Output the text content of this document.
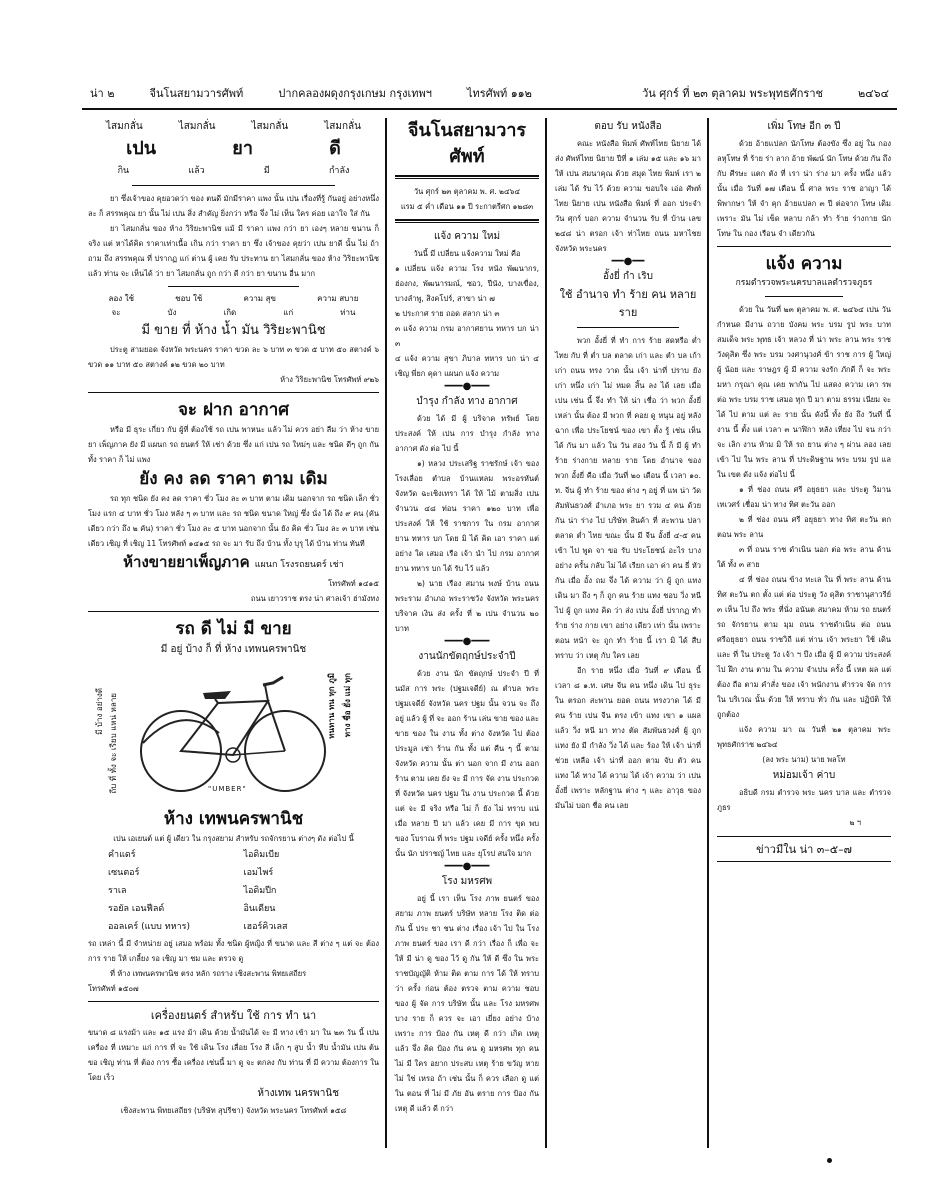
น่า ๒	จีนโนสยามวารศัพท์	ปากคลองผดุงกรุงเกษม กรุงเทพฯ	ไทรศัพท์ ๑๑๒	วัน ศุกร์ ที่ ๒๓ ตุลาคม พระพุทธศักราช	๒๔๖๔
ไสมกลั่น	ไสมกลั่น	ไสมกลั่น	ไสมกลั่น
เปน	ยา	ดี
กิน	แล้ว	มี	กำลัง

ยา ซึ่งเจ้าของ คุยอวดว่า ของ ตนดี มักมีราคา แพง นั้น เปน เรื่องที่รู้ กันอยู่ อย่างหนึ่ง ละ ก็ สรรพคุณ ยา นั้น ไม่ เปน สิ่ง สำคัญ ยิ่งกว่า หรือ จึ่ง ไม่ เห็น ใคร ค่อย เอาใจ ใส่ กัน

ยา ไสมกลั่น ของ ห้าง วิริยะพานิช แม้ มี ราคา แพง กว่า ยา เองๆ หลาย ขนาน ก็ จริง แต่ หาได้คิด ราคาเท่าเนื้อ เกิน กว่า ราคา ยา ซึ่ง เจ้าของ คุยว่า เปน ยาดี นั้น ไม่ ถ้า ถาม ถึง สรรพคุณ ที่ ปรากฏ แก่ ต่าน ผู้ เคย รับ ประทาน ยา ไสมกลั่น ของ ห้าง วิริยะพานิช แล้ว ท่าน จะ เห็นได้ ว่า ยา ไสมกลั่น ถูก กว่า ดี กว่า ยา ขนาน อื่น มาก

ลอง ใช้	ชอบ ใช้	ความ สุข	ความ สบาย
จะ	บัง	เกิด	แก่	ท่าน
มี ขาย ที่ ห้าง น้ำ มัน วิริยะพานิช

ประตู สามยอด จังหวัด พระนคร ราคา ขวด ละ ๖ บาท ๓ ขวด ๕ บาท ๕๐ สตางค์ ๖ ขวด ๑๑ บาท ๕๐ สตางค์ ๑๒ ขวด ๒๐ บาท

ห้าง วิริยะพานิช โทรศัพท์ ๙๒๖
จะ ฝาก อากาศ

หรือ มี ธุระ เกี่ยว กับ ผู้ที่ ต้องใช้ รถ เปน พาหนะ แล้ว ไม่ ควร อย่า ลืม ว่า ห้าง ขาย ยา เพ็ญภาค ยัง มี แผนก รถ ยนตร์ ให้ เช่า ด้วย ซึ่ง แก่ เปน รถ ใหม่ๆ และ ชนิด ดีๆ ถูก กัน ทั้ง ราคา ก็ ไม่ แพง

ยัง คง ลด ราคา ตาม เดิม

รถ ทุก ชนิด ยัง คง ลด ราคา ชั่ว โมง ละ ๓ บาท ตาม เดิม นอกจาก รถ ชนิด เล็ก ชั่ว โมง แรก ๔ บาท ชั่ว โมง หลัง ๆ ๓ บาท และ รถ ชนิด ขนาด ใหญ่ ซึ่ง นั่ง ได้ ถึง ๙ คน (คัน เดียว กว่า ถึง ๒ คัน) ราคา ชั่ว โมง ละ ๕ บาท นอกจาก นั้น ยัง คิด ชั่ว โมง ละ ๓ บาท เช่น เดียว เชิญ ที่ เชิญ 11 โทรศัพท์ ๑๔๑๕ รถ จะ มา รับ ถึง บ้าน ทั้ง บุรุ ได้ บ้าน ท่าน ทันที

ห้างขายยาเพ็ญภาค แผนก โรงรถยนตร์ เช่า
โทรศัพท์ ๑๔๑๕
ถนน เยาวราช ตรง น่า ศาลเจ้า ฮ่ามังทง
รถ ดี ไม่ มี ขาย
มี อยู่ บ้าง ก็ ที่ ห้าง เทพนครพานิช
มี บ้าง อย่างดี ถีบ ที่ ทั้ง จะ เรียบ แหน่ หลาย	"UMBER"
ทนทาน ทน ทุก ภูมิ ทาง ชื่อ ยั่ง แม่ ทุก
ห้าง เทพนครพานิช
เปน เอเยนต์ แต่ ผู้ เดียว ใน กรุงสยาม สำหรับ รถจักรยาน ต่างๆ ดัง ต่อไป นี้
คำแดร์	ไอดิมเบีย
เซนตอร์	เอมไพร์
ราเล	ไอดิมปีก
รอยัล เอนฟีลด์	อินเดียน
ออลเคร์ (แบบ ทหาร)	เฮอร์คิวเลส

รถ เหล่า นี้ มี จำหน่าย อยู่ เสมอ พร้อม ทั้ง ชนิด ผู้หญิง ที่ ขนาด และ สี ต่าง ๆ แต่ จะ ต้อง การ ราย ให้ เกลี้ยง รอ เชิญ มา ชม และ ตรวจ ดู

ที่ ห้าง เทพนครพานิช ตรง หลัก รถราง เชิงสะพาน พิทยเสถียร

โทรศัพท์ ๑๕๐๗

เครื่องยนตร์ สำหรับ ใช้ การ ทำ นา

ขนาด ๘ แรงม้า และ ๑๕ แรง ม้า เดิน ด้วย น้ำมันได้ จะ มี ทาง เข้า มา ใน ๒๓ วัน นี้ เปน เครื่อง ที่ เหมาะ แก่ การ ที่ จะ ใช้ เดิน โรง เลื่อย โรง สี เล็ก ๆ สูบ น้ำ หีบ น้ำมัน เปน ต้น ขอ เชิญ ท่าน ที่ ต้อง การ ซื้อ เครื่อง เช่นนี้ มา ดู จะ ตกลง กับ ท่าน ที่ มี ความ ต้องการ ใน โดย เร็ว

ห้างเทพ นครพานิช
เชิงสะพาน พิทยเสถียร (บริษัท สุปรีชา) จังหวัด พระนคร โทรศัพท์ ๑๕๘
จีนโนสยามวารศัพท์
วัน ศุกร์ ๒๓ ตุลาคม พ. ศ. ๒๔๖๔
แรม ๕ ค่ำ เดือน ๑๑ ปี ระกาตรีศก ๑๒๘๓
แจ้ง ความ ใหม่
วันนี้ มี เปลี่ยน แจ้งความ ใหม่ คือ

๑ เปลี่ยน แจ้ง ความ โรง หนัง พัฒนากร, ฮ่องกง, พัฒนารมณ์, ซอว, ปีนัง, บางเขื่อง, บางลำพู, สิงคโปร์, สาขา น่า ๗

๒ ประกาศ ราย ถอด สลาก น่า ๓

๓ แจ้ง ความ กรม อากาศยาน ทหาร บก น่า ๓

๔ แจ้ง ความ สุขา ภิบาล ทหาร บก น่า ๔ เชิญ พี่ยก คุดา แผนก แจ้ง ความ

━━━●━━━
บำรุง กำลัง ทาง อากาศ

ด้วย ได้ มี ผู้ บริจาค ทรัพย์ โดย ประสงค์ ให้ เปน การ บำรุง กำลัง ทาง อากาศ ดัง ต่อ ไป นี้

๑) หลวง ประเสริฐ ราชรักษ์ เจ้า ของ โรงเลื่อย ตำบล บ้านแหลม พระอรหันต์ จังหวัด ฉะเชิงเทรา ได้ ให้ ไม้ ตามสิ่ง เปน จำนวน ๔๘ ท่อน ราคา ๑๒๐ บาท เพื่อ ประสงค์ ให้ ใช้ ราชการ ใน กรม อากาศ ยาน ทหาร บก โดย มิ ได้ คิด เอา ราคา แต่ อย่าง ใด เสมอ เรือ เจ้า นำ ไป กรม อากาศ ยาน ทหาร บก ได้ รับ ไว้ แล้ว

๒) นาย เรือง สมาน พงษ์ บ้าน ถนน พระราม อำเภอ พระราชวัง จังหวัด พระนคร บริจาค เงิน ส่ง ครั้ง ที่ ๒ เปน จำนวน ๒๐ บาท

━━━●━━━
งานนักขัตฤกษ์ประจำปี

ด้วย งาน นัก ขัตฤกษ์ ประจำ ปี ที่ นมัส การ พระ (ปฐมเจดีย์) ณ ตำบล พระ ปฐมเจดีย์ จังหวัด นคร ปฐม นั้น จวน จะ ถึง อยู่ แล้ว ผู้ ที่ จะ ออก ร้าน เล่น ขาย ของ และ ขาย ของ ใน งาน ทั้ง ต่าง จังหวัด ไป ต้อง ประมูล เช่า ร้าน กัน ทั้ง แต่ คืน ๆ นี้ ตาม จังหวัด ความ นั้น ต่า นอก จาก มี งาน ออก ร้าน ตาม เคย ยัง จะ มี การ จัด งาน ประกวด ที่ จังหวัด นคร ปฐม ใน งาน ประกวด นี้ ด้วย แต่ จะ มี จริง หรือ ไม่ ก็ ยัง ไม่ ทราบ แน่ เมื่อ หลาย ปี มา แล้ว เคย มี การ ขุด พบ ของ โบราณ ที่ พระ ปฐม เจดีย์ ครั้ง หนึ่ง ครั้ง นั้น นัก ปราชญ์ ไทย และ ยุโรป สนใจ มาก

━━━●━━━
โรง มหรศพ

อยู่ นี้ เรา เห็น โรง ภาพ ยนตร์ ของ สยาม ภาพ ยนตร์ บริษัท หลาย โรง ติด ต่อ กัน นี้ ประ ชา ชน ต่าง เรื่อง เจ้า ไป ใน โรง ภาพ ยนตร์ ของ เรา ดี กว่า เรื่อง ก็ เพื่อ จะ ให้ มี น่า ดู ของ ไว้ ดู กัน ให้ ดี ซึ่ง ใน พระราชบัญญัติ ห้าม ติด ตาม การ ได้ ให้ ทราบ ว่า ครั้ง ก่อน ต้อง ตรวจ ตาม ความ ชอบ ของ ผู้ จัด การ บริษัท นั้น และ โรง มหรศพ บาง ราย ก็ ควร จะ เอา เยี่ยง อย่าง บ้าง เพราะ การ ป้อง กัน เหตุ ดี กว่า เกิด เหตุ แล้ว จึ่ง คิด ป้อง กัน คน ดู มหรศพ ทุก คน ไม่ มี ใคร อยาก ประสบ เหตุ ร้าย ขวัญ หาย ไม่ ใช่ เหรอ ถ้า เช่น นั้น ก็ ควร เลือก ดู แต่ ใน ตอน ที่ ไม่ มี ภัย อัน ตราย การ ป้อง กัน เหตุ ดี แล้ว ดี กว่า

ตอบ รับ หนังสือ

คณะ หนังสือ พิมพ์ ศัพท์ไทย นิยาย ได้ ส่ง ศัพท์ไทย นิยาย ปีที่ ๑ เล่ม ๑๕ และ ๑๖ มา ให้ เปน สมนาคุณ ด้วย สมุด ไทย พิมพ์ เรา ๒ เล่ม ได้ รับ ไว้ ด้วย ความ ขอบใจ เอ่อ ศัพท์ไทย นิยาย เปน หนังสือ พิมพ์ ที่ ออก ประจำ วัน ศุกร์ บอก ความ จำนวน รับ ที่ บ้าน เลข ๒๔๘ น่า ตรอก เจ้า ท่าไทย ถนน มหาไชย จังหวัด พระนคร

━━●━━
อั้งยี่ กำ เริบ
ใช้ อำนาจ ทำ ร้าย คน หลาย ราย

พวก อั้งยี่ ที่ ทำ การ ร้าย สดหรือ ต่ำ ไทย กับ ที่ ต่ำ บล ตลาด เก่า และ ตำ บล เก้า เก่า ถนน ทรง วาด นั้น เจ้า น่าที่ ปราบ ยัง เก่า หนึ่ง เก่า ไม่ หมด สิ้น ลง ได้ เลย เมื่อ เปน เช่น นี้ จึ่ง ทำ ให้ น่า เชื่อ ว่า พวก อั้งยี่ เหล่า นั้น ต้อง มี พวก ที่ คอย ดู หนุน อยู่ หลัง ฉาก เพื่อ ประโยชน์ ของ เขา ตั้ง รู้ เช่น เห็น ได้ กัน มา แล้ว ใน วัน สอง วัน นี้ ก็ มี ผู้ ทำ ร้าย ร่างกาย หลาย ราย โดย อำนาจ ของ พวก อั้งยี่ คือ เมื่อ วันที่ ๒๐ เดือน นี้ เวลา ๑๐. ท. จีน ผู้ ทำ ร้าย ของ ต่าง ๆ อยู่ ที่ แพ น่า วัด สัมพันธวงศ์ อำเภอ พระ ยา รวม ๔ คน ด้วย กัน น่า ร่าง ไป บริษัท สินค้า ที่ สะพาน ปลา ตลาด ต่ำ ไทย ขณะ นั้น มี จีน อั้งยี่ ๔-๕ คน เข้า ไป พูด จา ขอ รับ ประโยชน์ อะไร บาง อย่าง ครั้น กลับ ไม่ ได้ เรียก เอา ค่า คน ธี่ หัว กัน เมื่อ อั้ง ถม จึ่ง ได้ ความ ว่า ผู้ ถูก แทง เดิน มา ถึง ๆ ก็ ถูก คน ร้าย แทง ชอบ วิ่ง หนี ไป ผู้ ถูก แทง คิด ว่า ส่ง เปน อั้งยี่ ปรากฏ ทำ ร้าย ร่าง กาย เขา อย่าง เดียว เท่า นั้น เพราะ ตอน หน้า จะ ถูก ทำ ร้าย นี้ เรา มิ ได้ สืบ ทราบ ว่า เหตุ กับ ใคร เลย

อีก ราย หนึ่ง เมื่อ วันที่ ๙ เดือน นี้ เวลา ๘ ๑.ท. เศษ จีน คน หนึ่ง เดิน ไป ธุระ ใน ตรอก สะพาน ยอด ถนน ทรงวาด ได้ มี คน ร้าย เปน จีน ตรง เข้า แทง เขา ๑ แผล แล้ว วิ่ง หนี มา ทาง ตัด สัมพันธวงศ์ ผู้ ถูก แทง ยัง มี กำลัง วิ่ง ได้ และ ร้อง ให้ เจ้า น่าที่ ช่วย เหลือ เจ้า น่าที่ ออก ตาม จับ ตัว คน แทง ได้ ทาง ได้ ความ ได้ เจ้า ความ ว่า เปน อั้งยี่ เพราะ หลักฐาน ต่าง ๆ และ อาวุธ ของ มันไม่ บอก ชื่อ คน เลย

เพิ่ม โทษ อีก ๓ ปี

ด้วย อ้ายแปลก นักโทษ ต้องขัง ซึ่ง อยู่ ใน กอง ลหุโทษ ที่ ร้าย ร่า ลาก อ้าย พัฒน์ นัก โทษ ด้วย กัน ถึง กับ ศีรษะ แตก ตัง ที่ เรา น่า ร่าง มา ครั้ง หนึ่ง แล้ว นั้น เมื่อ วันที่ ๑๗ เดือน นี้ ศาล พระ ราช อาญา ได้ พิพากษา ให้ จำ คุก อ้ายแปลก ๓ ปี ต่อจาก โทษ เดิม เพราะ มัน ไม่ เข็ด หลาบ กล้า ทำ ร้าย ร่างกาย นัก โทษ ใน กอง เรือน จำ เดียวกัน

แจ้ง ความ
กรมตำรวจพระนครบาลแลตำรวจภูธร

ด้วย ใน วันที่ ๒๓ ตุลาคม พ. ศ. ๒๔๖๔ เปน วัน กำหนด มีงาน ถวาย บังคม พระ บรม รูป พระ บาท สมเด็จ พระ พุทธ เจ้า หลวง ที่ น่า พระ ลาน พระ ราช วังดุสิต ซึ่ง พระ บรม วงศานุวงศ์ ข้า ราช การ ผู้ ใหญ่ ผู้ น้อย และ ราษฎร ผู้ มี ความ จงรัก ภักดี ก็ จะ พระ มหา กรุณา คุณ เคย พากัน ไป แสดง ความ เคา รพ ต่อ พระ บรม ราช เสมอ ทุก ปี มา ตาม ธรรม เนียม จะ ได้ ไป ตาม แต่ ละ ราย นั้น ดังนี้ ทั้ง ยัง ถึง วันที่ นี้ งาน นี้ ตั้ง แต่ เวลา ๓ นาฬิกา หลัง เที่ยง ไป จน กว่า จะ เลิก งาน ห้าม มิ ให้ รถ ยาน ต่าง ๆ ผ่าน ลอง เลย เข้า ไป ใน พระ ลาน ที่ ประดิษฐาน พระ บรม รูป แล ใน เขต ดัง แจ้ง ต่อไป นี้

๑ ที่ ช่อง ถนน ศรี อยุธยา และ ประตู วิมาน เทเวศร์ เชื่อม น่า ทาง ทิศ ตะวัน ออก

๒ ที่ ช่อง ถนน ศรี อยุธยา ทาง ทิศ ตะวัน ตก ตอน พระ ลาน

๓ ที่ ถนน ราช ดำเนิน นอก ต่อ พระ ลาน ด้าน ใต้ ทั้ง ๓ สาย

๔ ที่ ช่อง ถนน ข้าง ทะเล ใน ที่ พระ ลาน ด้าน ทิศ ตะวัน ตก ตั้ง แต่ ต่อ ประตู วัง ดุสิต ราชานุสาวรีย์ ๓ เห็น ไป ถึง พระ ที่นั่ง อนันต สมาคม ห้าม รถ ยนตร์ รถ จักรยาน ตาม มุม ถนน ราชดำเนิน ต่อ ถนน ศรีอยุธยา ถนน ราชวิถี แต่ ท่าน เจ้า พระยา ใช้ เดิน และ ที่ ใน ประตู วัง เจ้า ฯ บึง เมื่อ ผู้ มี ความ ประสงค์ ไป ฝึก งาน ตาม ใน ความ จำเปน ครั้ง นี้ เหต ผล แต่ ต้อง ถือ ตาม คำสั่ง ของ เจ้า พนักงาน ตำรวจ จัด การ ใน บริเวณ นั้น ด้วย ให้ ทราบ ทั่ว กัน และ ปฏิบัติ ให้ ถูกต้อง

แจ้ง ความ มา ณ วันที่ ๒๑ ตุลาคม พระ พุทธศักราช ๒๔๖๔

(ลง พระ นาม) นาย พลโท
หม่อมเจ้า ค่าบ

อธิบดี กรม ตำรวจ พระ นคร บาล และ ตำรวจภูธร

๒ ฯ
ข่าวมีใน น่า ๓–๕–๗
